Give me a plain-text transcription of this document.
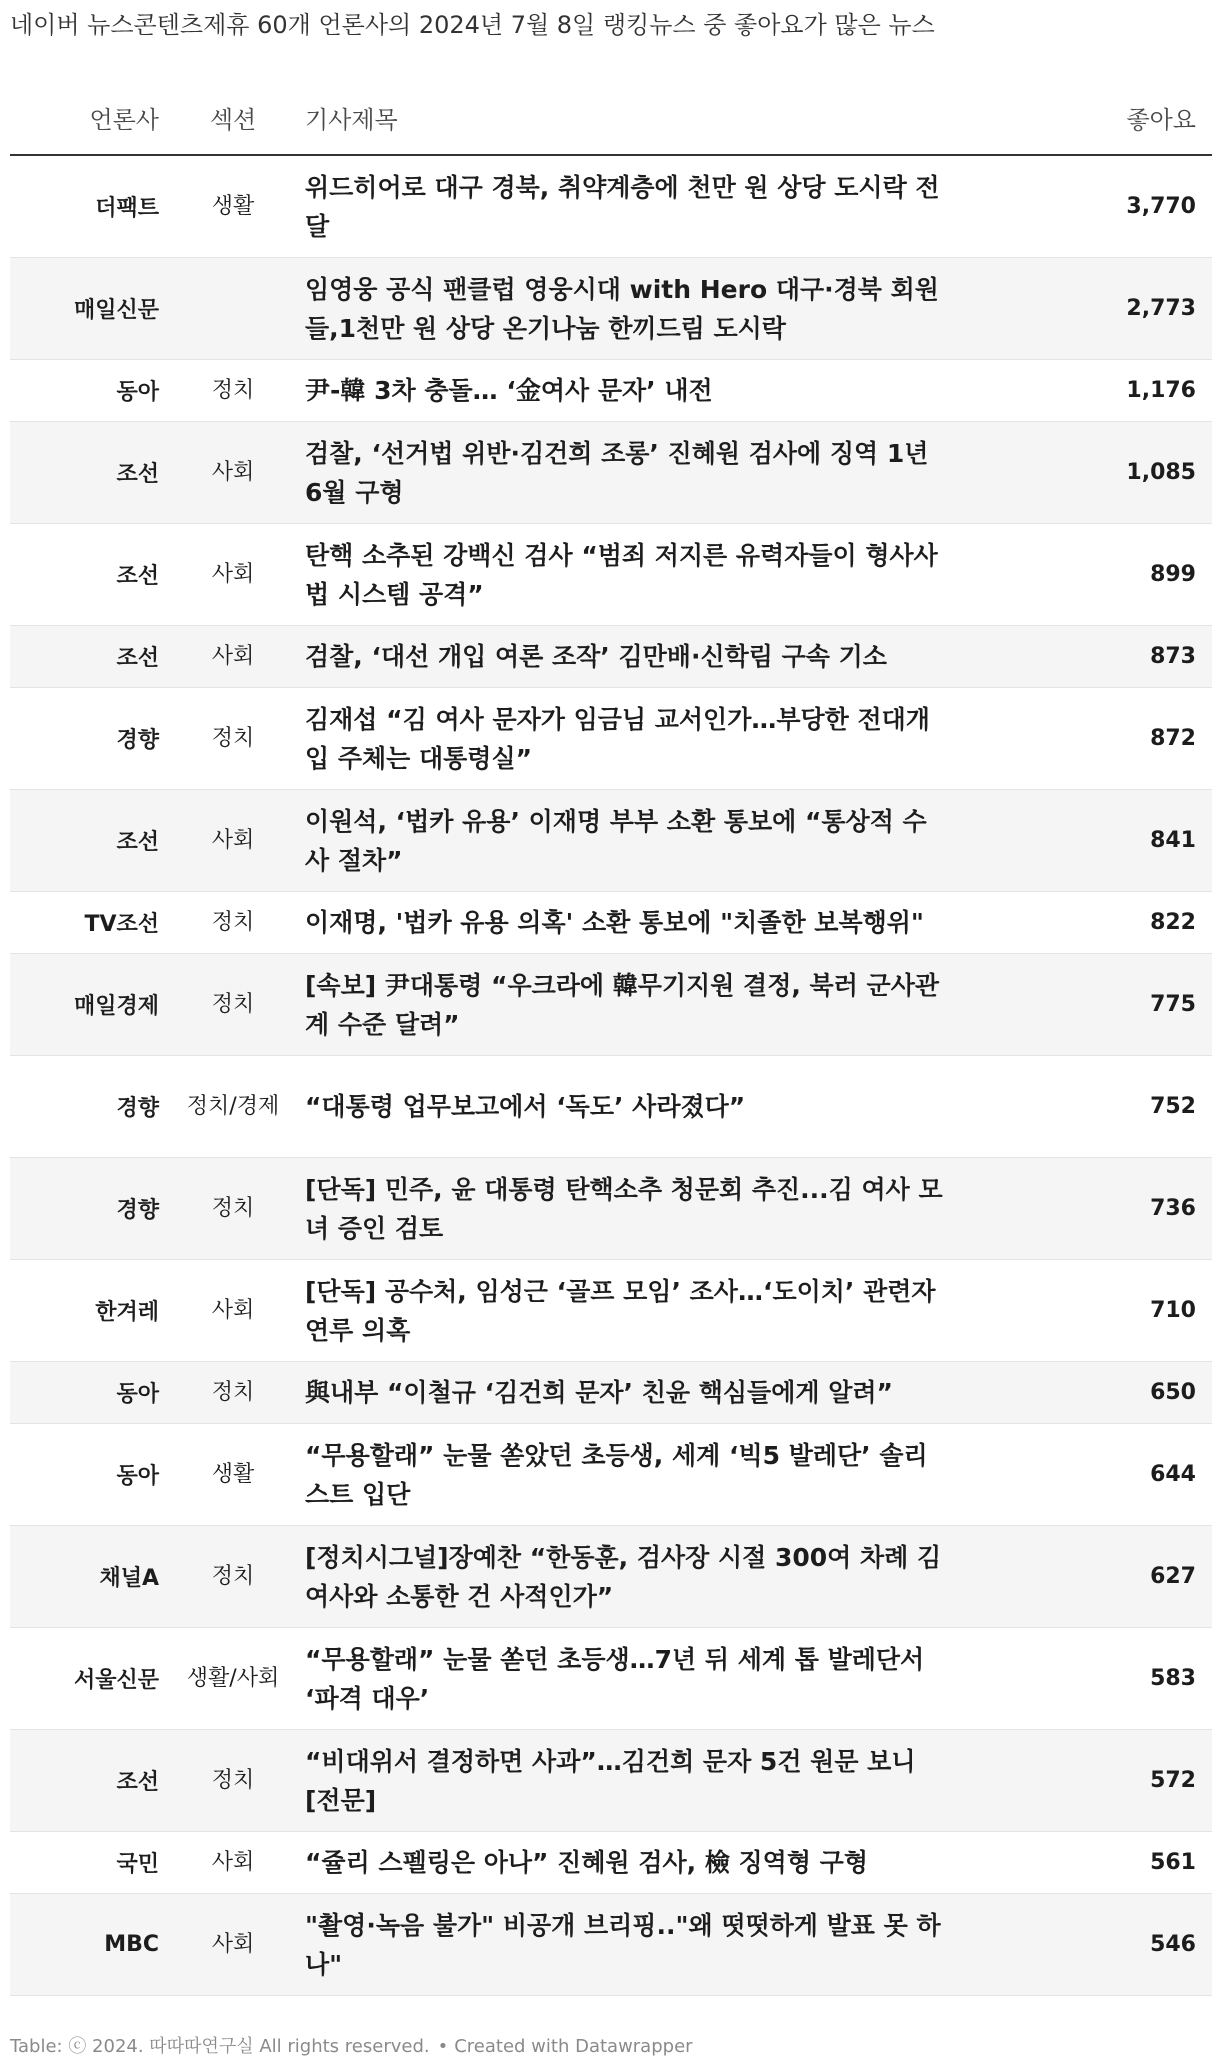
네이버 뉴스콘텐츠제휴 60개 언론사의 2024년 7월 8일 랭킹뉴스 중 좋아요가 많은 뉴스
언론사	섹션	기사제목	좋아요
더팩트	생활	위드히어로 대구 경북, 취약계층에 천만 원 상당 도시락 전달	3,770
매일신문		임영웅 공식 팬클럽 영웅시대 with Hero 대구·경북 회원들,1천만 원 상당 온기나눔 한끼드림 도시락	2,773
동아	정치	尹-韓 3차 충돌… ‘金여사 문자’ 내전	1,176
조선	사회	검찰, ‘선거법 위반·김건희 조롱’ 진혜원 검사에 징역 1년6월 구형	1,085
조선	사회	탄핵 소추된 강백신 검사 “범죄 저지른 유력자들이 형사사법 시스템 공격”	899
조선	사회	검찰, ‘대선 개입 여론 조작’ 김만배·신학림 구속 기소	873
경향	정치	김재섭 “김 여사 문자가 임금님 교서인가…부당한 전대개입 주체는 대통령실”	872
조선	사회	이원석, ‘법카 유용’ 이재명 부부 소환 통보에 “통상적 수사 절차”	841
TV조선	정치	이재명, '법카 유용 의혹' 소환 통보에 "치졸한 보복행위"	822
매일경제	정치	[속보] 尹대통령 “우크라에 韓무기지원 결정, 북러 군사관계 수준 달려”	775
경향	정치/경제	“대통령 업무보고에서 ‘독도’ 사라졌다”	752
경향	정치	[단독] 민주, 윤 대통령 탄핵소추 청문회 추진...김 여사 모녀 증인 검토	736
한겨레	사회	[단독] 공수처, 임성근 ‘골프 모임’ 조사…‘도이치’ 관련자 연루 의혹	710
동아	정치	與내부 “이철규 ‘김건희 문자’ 친윤 핵심들에게 알려”	650
동아	생활	“무용할래” 눈물 쏟았던 초등생, 세계 ‘빅5 발레단’ 솔리스트 입단	644
채널A	정치	[정치시그널]장예찬 “한동훈, 검사장 시절 300여 차례 김 여사와 소통한 건 사적인가”	627
서울신문	생활/사회	“무용할래” 눈물 쏟던 초등생…7년 뒤 세계 톱 발레단서 ‘파격 대우’	583
조선	정치	“비대위서 결정하면 사과”…김건희 문자 5건 원문 보니[전문]	572
국민	사회	“쥴리 스펠링은 아나” 진혜원 검사, 檢 징역형 구형	561
MBC	사회	"촬영·녹음 불가" 비공개 브리핑.."왜 떳떳하게 발표 못 하나"	546
Table: ⓒ 2024. 따따따연구실 All rights reserved. • Created with Datawrapper
